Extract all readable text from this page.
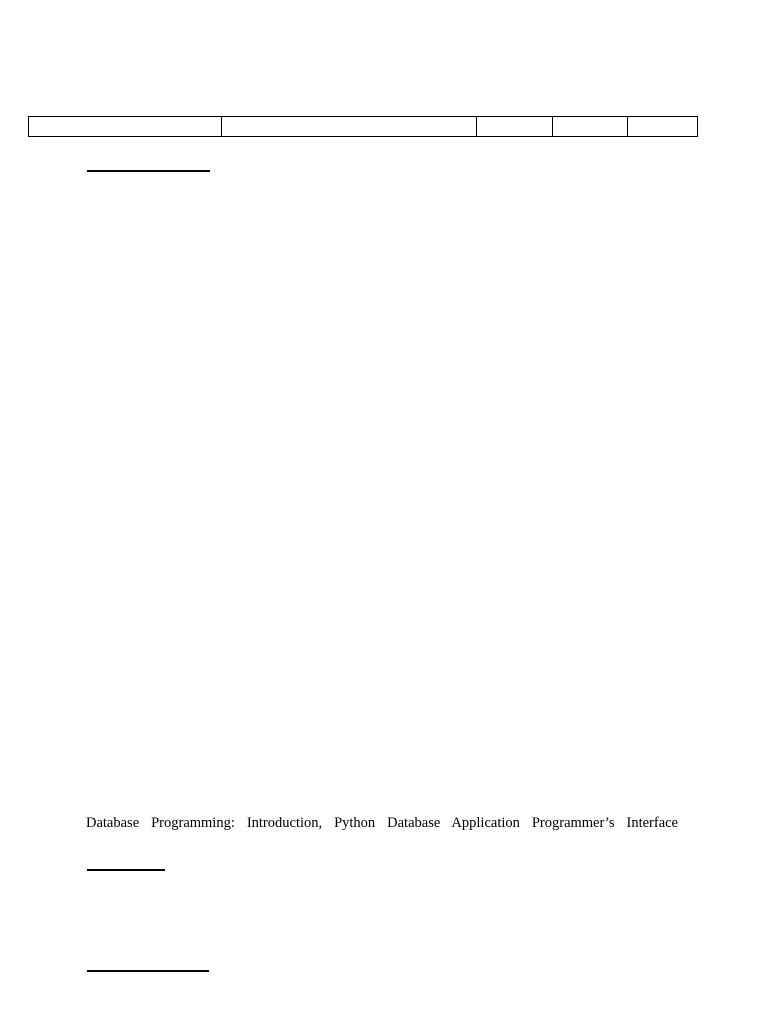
Database Programming: Introduction, Python Database Application Programmer’s Interface
